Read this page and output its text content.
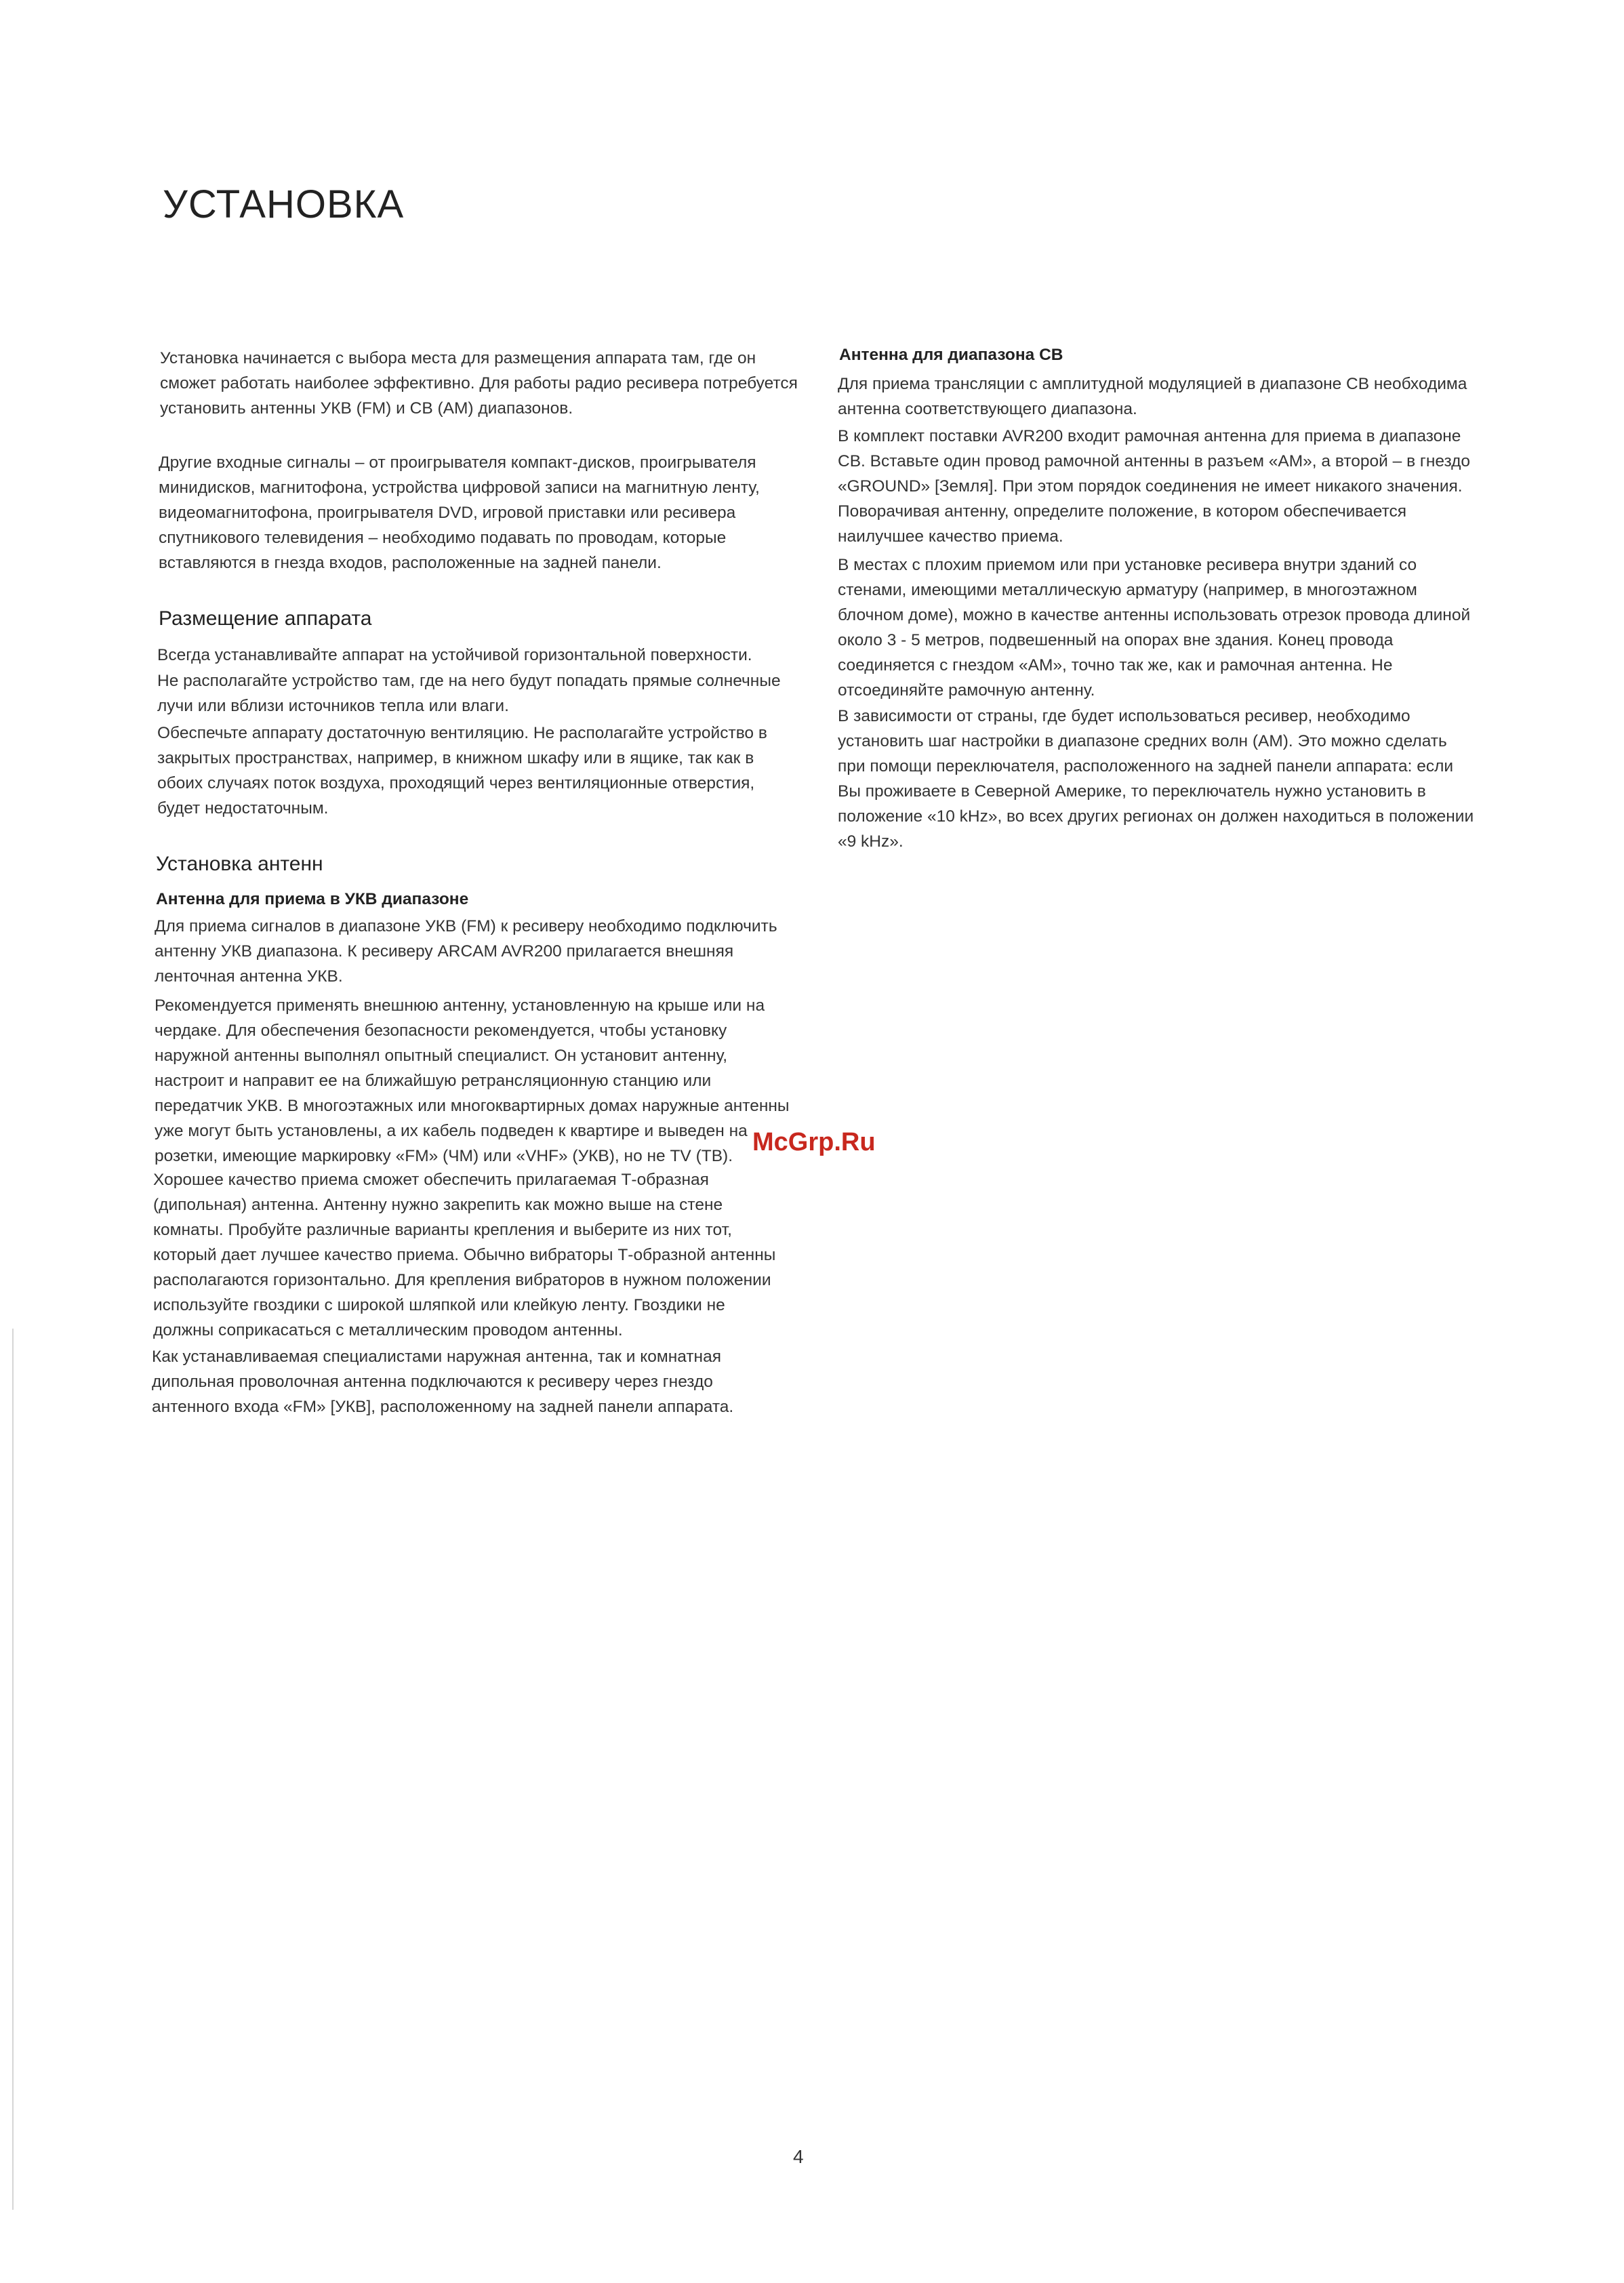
УСТАНОВКА

Установка начинается с выбора места для размещения аппарата там, где он
сможет работать наиболее эффективно. Для работы радио ресивера потребуется
установить антенны УКВ (FM) и СВ (AM) диапазонов.

Другие входные сигналы – от проигрывателя компакт-дисков, проигрывателя
минидисков, магнитофона, устройства цифровой записи на магнитную ленту,
видеомагнитофона, проигрывателя DVD, игровой приставки или ресивера
спутникового телевидения – необходимо подавать по проводам, которые
вставляются в гнезда входов, расположенные на задней панели.

Размещение аппарата

Всегда устанавливайте аппарат на устойчивой горизонтальной поверхности.

Не располагайте устройство там, где на него будут попадать прямые солнечные
лучи или вблизи источников тепла или влаги.

Обеспечьте аппарату достаточную вентиляцию. Не располагайте устройство в
закрытых пространствах, например, в книжном шкафу или в ящике, так как в
обоих случаях поток воздуха, проходящий через вентиляционные отверстия,
будет недостаточным.

Установка антенн
Антенна для приема в УКВ диапазоне

Для приема сигналов в диапазоне УКВ (FM) к ресиверу необходимо подключить
антенну УКВ диапазона. К ресиверу ARCAM AVR200 прилагается внешняя
ленточная антенна УКВ.

Рекомендуется применять внешнюю антенну, установленную на крыше или на
чердаке. Для обеспечения безопасности рекомендуется, чтобы установку
наружной антенны выполнял опытный специалист. Он установит антенну,
настроит и направит ее на ближайшую ретрансляционную станцию или
передатчик УКВ. В многоэтажных или многоквартирных домах наружные антенны
уже могут быть установлены, а их кабель подведен к квартире и выведен на
розетки, имеющие маркировку «FM» (ЧМ) или «VHF» (УКВ), но не TV (ТВ).

Хорошее качество приема сможет обеспечить прилагаемая Т-образная
(дипольная) антенна. Антенну нужно закрепить как можно выше на стене
комнаты. Пробуйте различные варианты крепления и выберите из них тот,
который дает лучшее качество приема. Обычно вибраторы Т-образной антенны
располагаются горизонтально. Для крепления вибраторов в нужном положении
используйте гвоздики с широкой шляпкой или клейкую ленту. Гвоздики не
должны соприкасаться с металлическим проводом антенны.

Как устанавливаемая специалистами наружная антенна, так и комнатная
дипольная проволочная антенна подключаются к ресиверу через гнездо
антенного входа «FM» [УКВ], расположенному на задней панели аппарата.

Антенна для диапазона СВ

Для приема трансляции с амплитудной модуляцией в диапазоне СВ необходима
антенна соответствующего диапазона.

В комплект поставки AVR200 входит рамочная антенна для приема в диапазоне
СВ. Вставьте один провод рамочной антенны в разъем «AM», а второй – в гнездо
«GROUND» [Земля]. При этом порядок соединения не имеет никакого значения.
Поворачивая антенну, определите положение, в котором обеспечивается
наилучшее качество приема.

В местах с плохим приемом или при установке ресивера внутри зданий со
стенами, имеющими металлическую арматуру (например, в многоэтажном
блочном доме), можно в качестве антенны использовать отрезок провода длиной
около 3 - 5 метров, подвешенный на опорах вне здания. Конец провода
соединяется с гнездом «AM», точно так же, как и рамочная антенна. Не
отсоединяйте рамочную антенну.

В зависимости от страны, где будет использоваться ресивер, необходимо
установить шаг настройки в диапазоне средних волн (AM). Это можно сделать
при помощи переключателя, расположенного на задней панели аппарата: если
Вы проживаете в Северной Америке, то переключатель нужно установить в
положение «10 kHz», во всех других регионах он должен находиться в положении
«9 kHz».

McGrp.Ru

4
